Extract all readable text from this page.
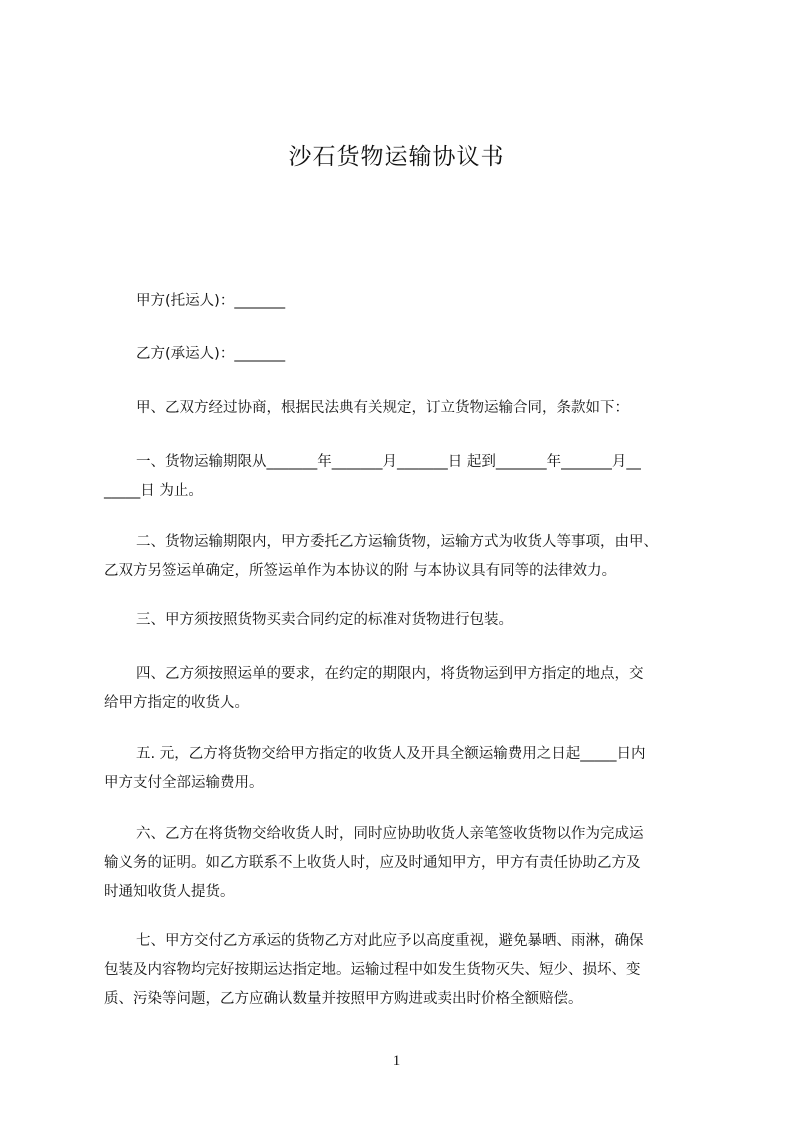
沙石货物运输协议书

甲方(托运人)：_______

乙方(承运人)：_______

甲、乙双方经过协商，根据民法典有关规定，订立货物运输合同，条款如下：

一、货物运输期限从_______年_______月_______日 起到_______年_______月__
_____日 为止。

二、货物运输期限内，甲方委托乙方运输货物，运输方式为收货人等事项，由甲、
乙双方另签运单确定，所签运单作为本协议的附 与本协议具有同等的法律效力。

三、甲方须按照货物买卖合同约定的标准对货物进行包装。

四、乙方须按照运单的要求，在约定的期限内，将货物运到甲方指定的地点，交
给甲方指定的收货人。

五. 元，乙方将货物交给甲方指定的收货人及开具全额运输费用之日起_____日内
甲方支付全部运输费用。

六、乙方在将货物交给收货人时，同时应协助收货人亲笔签收货物以作为完成运
输义务的证明。如乙方联系不上收货人时，应及时通知甲方，甲方有责任协助乙方及
时通知收货人提货。

七、甲方交付乙方承运的货物乙方对此应予以高度重视，避免暴晒、雨淋，确保
包装及内容物均完好按期运达指定地。运输过程中如发生货物灭失、短少、损坏、变
质、污染等问题，乙方应确认数量并按照甲方购进或卖出时价格全额赔偿。

1
